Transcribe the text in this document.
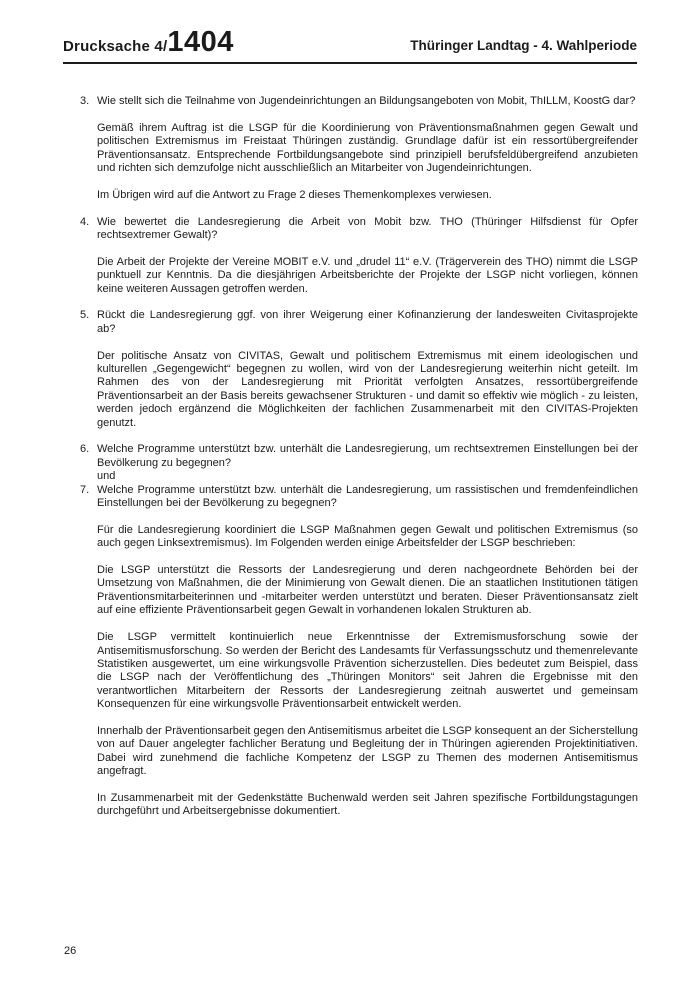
Drucksache 4/ 1404	Thüringer Landtag - 4. Wahlperiode
3. Wie stellt sich die Teilnahme von Jugendeinrichtungen an Bildungsangeboten von Mobit, ThILLM, KoostG dar?
Gemäß ihrem Auftrag ist die LSGP für die Koordinierung von Präventionsmaßnahmen gegen Gewalt und politischen Extremismus im Freistaat Thüringen zuständig. Grundlage dafür ist ein ressortübergreifender Präventionsansatz. Entsprechende Fortbildungsangebote sind prinzipiell berufsfeldübergreifend anzubieten und richten sich demzufolge nicht ausschließlich an Mitarbeiter von Jugendeinrichtungen.
Im Übrigen wird auf die Antwort zu Frage 2 dieses Themenkomplexes verwiesen.
4. Wie bewertet die Landesregierung die Arbeit von Mobit bzw. THO (Thüringer Hilfsdienst für Opfer rechtsextremer Gewalt)?
Die Arbeit der Projekte der Vereine MOBIT e.V. und „drudel 11“ e.V. (Trägerverein des THO) nimmt die LSGP punktuell zur Kenntnis. Da die diesjährigen Arbeitsberichte der Projekte der LSGP nicht vorliegen, können keine weiteren Aussagen getroffen werden.
5. Rückt die Landesregierung ggf. von ihrer Weigerung einer Kofinanzierung der landesweiten Civitasprojekte ab?
Der politische Ansatz von CIVITAS, Gewalt und politischem Extremismus mit einem ideologischen und kulturellen „Gegengewicht“ begegnen zu wollen, wird von der Landesregierung weiterhin nicht geteilt. Im Rahmen des von der Landesregierung mit Priorität verfolgten Ansatzes, ressortübergreifende Präventionsarbeit an der Basis bereits gewachsener Strukturen - und damit so effektiv wie möglich - zu leisten, werden jedoch ergänzend die Möglichkeiten der fachlichen Zusammenarbeit mit den CIVITAS-Projekten genutzt.
6. Welche Programme unterstützt bzw. unterhält die Landesregierung, um rechtsextremen Einstellungen bei der Bevölkerung zu begegnen?
und
7. Welche Programme unterstützt bzw. unterhält die Landesregierung, um rassistischen und fremdenfeindlichen Einstellungen bei der Bevölkerung zu begegnen?
Für die Landesregierung koordiniert die LSGP Maßnahmen gegen Gewalt und politischen Extremismus (so auch gegen Linksextremismus). Im Folgenden werden einige Arbeitsfelder der LSGP beschrieben:
Die LSGP unterstützt die Ressorts der Landesregierung und deren nachgeordnete Behörden bei der Umsetzung von Maßnahmen, die der Minimierung von Gewalt dienen. Die an staatlichen Institutionen tätigen Präventionsmitarbeiterinnen und -mitarbeiter werden unterstützt und beraten. Dieser Präventionsansatz zielt auf eine effiziente Präventionsarbeit gegen Gewalt in vorhandenen lokalen Strukturen ab.
Die LSGP vermittelt kontinuierlich neue Erkenntnisse der Extremismusforschung sowie der Antisemitismusforschung. So werden der Bericht des Landesamts für Verfassungsschutz und themenrelevante Statistiken ausgewertet, um eine wirkungsvolle Prävention sicherzustellen. Dies bedeutet zum Beispiel, dass die LSGP nach der Veröffentlichung des „Thüringen Monitors“ seit Jahren die Ergebnisse mit den verantwortlichen Mitarbeitern der Ressorts der Landesregierung zeitnah auswertet und gemeinsam Konsequenzen für eine wirkungsvolle Präventionsarbeit entwickelt werden.
Innerhalb der Präventionsarbeit gegen den Antisemitismus arbeitet die LSGP konsequent an der Sicherstellung von auf Dauer angelegter fachlicher Beratung und Begleitung der in Thüringen agierenden Projektinitiativen. Dabei wird zunehmend die fachliche Kompetenz der LSGP zu Themen des modernen Antisemitismus angefragt.
In Zusammenarbeit mit der Gedenkstätte Buchenwald werden seit Jahren spezifische Fortbildungstagungen durchgeführt und Arbeitsergebnisse dokumentiert.
26
